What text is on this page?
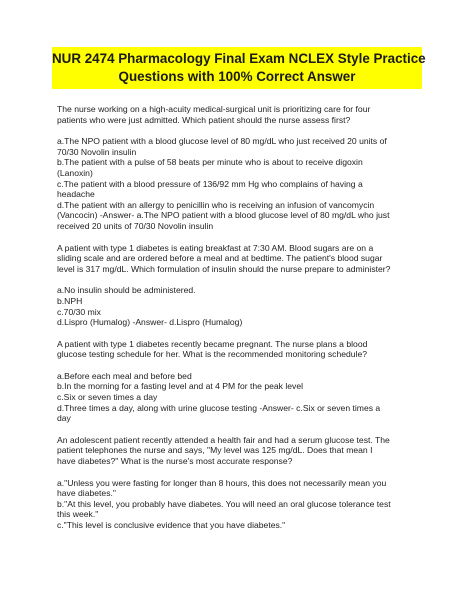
NUR 2474 Pharmacology Final Exam NCLEX Style Practice
Questions with 100% Correct Answer
The nurse working on a high-acuity medical-surgical unit is prioritizing care for four
patients who were just admitted. Which patient should the nurse assess first?
a.The NPO patient with a blood glucose level of 80 mg/dL who just received 20 units of
70/30 Novolin insulin
b.The patient with a pulse of 58 beats per minute who is about to receive digoxin
(Lanoxin)
c.The patient with a blood pressure of 136/92 mm Hg who complains of having a
headache
d.The patient with an allergy to penicillin who is receiving an infusion of vancomycin
(Vancocin) -Answer- a.The NPO patient with a blood glucose level of 80 mg/dL who just
received 20 units of 70/30 Novolin insulin
A patient with type 1 diabetes is eating breakfast at 7:30 AM. Blood sugars are on a
sliding scale and are ordered before a meal and at bedtime. The patient's blood sugar
level is 317 mg/dL. Which formulation of insulin should the nurse prepare to administer?
a.No insulin should be administered.
b.NPH
c.70/30 mix
d.Lispro (Humalog) -Answer- d.Lispro (Humalog)
A patient with type 1 diabetes recently became pregnant. The nurse plans a blood
glucose testing schedule for her. What is the recommended monitoring schedule?
a.Before each meal and before bed
b.In the morning for a fasting level and at 4 PM for the peak level
c.Six or seven times a day
d.Three times a day, along with urine glucose testing -Answer- c.Six or seven times a
day
An adolescent patient recently attended a health fair and had a serum glucose test. The
patient telephones the nurse and says, "My level was 125 mg/dL. Does that mean I
have diabetes?" What is the nurse's most accurate response?
a."Unless you were fasting for longer than 8 hours, this does not necessarily mean you
have diabetes."
b."At this level, you probably have diabetes. You will need an oral glucose tolerance test
this week."
c."This level is conclusive evidence that you have diabetes."
